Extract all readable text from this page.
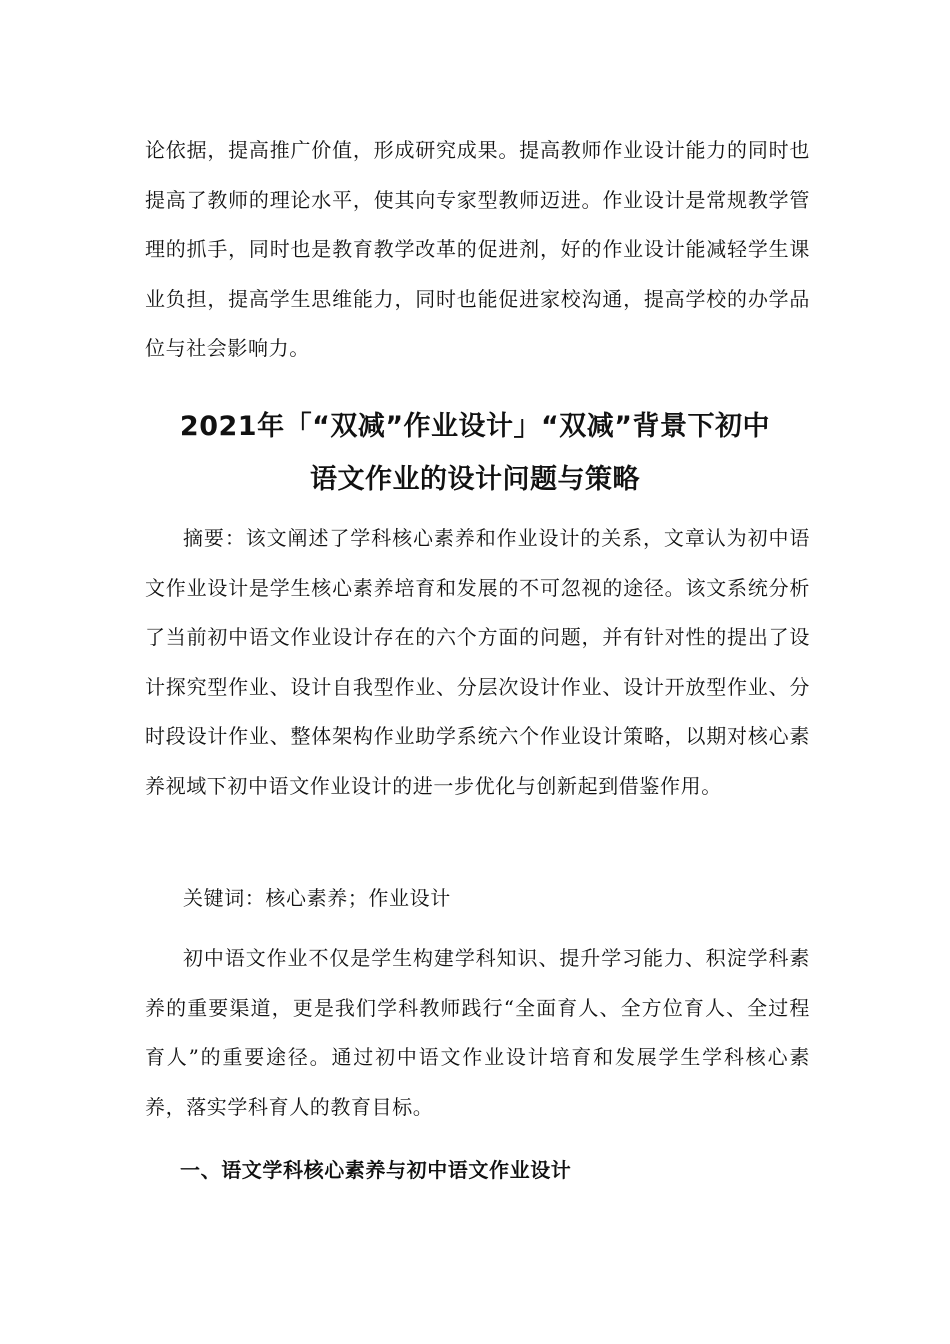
论依据，提高推广价值，形成研究成果。提高教师作业设计能力的同时也提高了教师的理论水平，使其向专家型教师迈进。作业设计是常规教学管理的抓手，同时也是教育教学改革的促进剂，好的作业设计能减轻学生课业负担，提高学生思维能力，同时也能促进家校沟通，提高学校的办学品位与社会影响力。

2021年「“双减”作业设计」“双减”背景下初中
语文作业的设计问题与策略

摘要：该文阐述了学科核心素养和作业设计的关系，文章认为初中语文作业设计是学生核心素养培育和发展的不可忽视的途径。该文系统分析了当前初中语文作业设计存在的六个方面的问题，并有针对性的提出了设计探究型作业、设计自我型作业、分层次设计作业、设计开放型作业、分时段设计作业、整体架构作业助学系统六个作业设计策略，以期对核心素养视域下初中语文作业设计的进一步优化与创新起到借鉴作用。

关键词：核心素养；作业设计

初中语文作业不仅是学生构建学科知识、提升学习能力、积淀学科素养的重要渠道，更是我们学科教师践行“全面育人、全方位育人、全过程育人”的重要途径。通过初中语文作业设计培育和发展学生学科核心素养，落实学科育人的教育目标。

一、语文学科核心素养与初中语文作业设计
